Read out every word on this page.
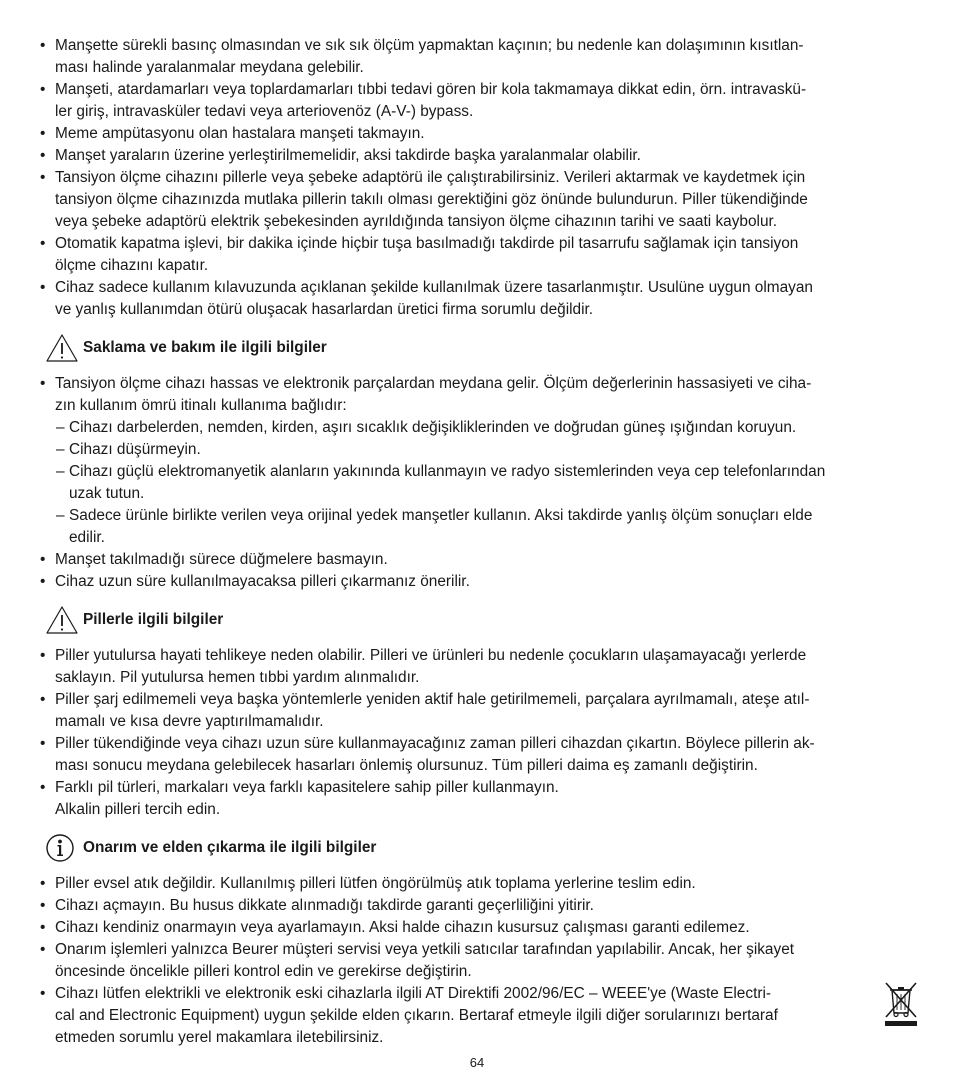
• Manşette sürekli basınç olmasından ve sık sık ölçüm yapmaktan kaçının; bu nedenle kan dolaşımının kısıtlan-
ması halinde yaralanmalar meydana gelebilir.
• Manşeti, atardamarları veya toplardamarları tıbbi tedavi gören bir kola takmamaya dikkat edin, örn. intravaskü-
ler giriş, intravasküler tedavi veya arteriovenöz (A-V-) bypass.
• Meme ampütasyonu olan hastalara manşeti takmayın.
• Manşet yaraların üzerine yerleştirilmemelidir, aksi takdirde başka yaralanmalar olabilir.
• Tansiyon ölçme cihazını pillerle veya şebeke adaptörü ile çalıştırabilirsiniz. Verileri aktarmak ve kaydetmek için
tansiyon ölçme cihazınızda mutlaka pillerin takılı olması gerektiğini göz önünde bulundurun. Piller tükendiğinde
veya şebeke adaptörü elektrik şebekesinden ayrıldığında tansiyon ölçme cihazının tarihi ve saati kaybolur.
• Otomatik kapatma işlevi, bir dakika içinde hiçbir tuşa basılmadığı takdirde pil tasarrufu sağlamak için tansiyon
ölçme cihazını kapatır.
• Cihaz sadece kullanım kılavuzunda açıklanan şekilde kullanılmak üzere tasarlanmıştır. Usulüne uygun olmayan
ve yanlış kullanımdan ötürü oluşacak hasarlardan üretici firma sorumlu değildir.
Saklama ve bakım ile ilgili bilgiler
• Tansiyon ölçme cihazı hassas ve elektronik parçalardan meydana gelir. Ölçüm değerlerinin hassasiyeti ve ciha-
zın kullanım ömrü itinalı kullanıma bağlıdır:
– Cihazı darbelerden, nemden, kirden, aşırı sıcaklık değişikliklerinden ve doğrudan güneş ışığından koruyun.
– Cihazı düşürmeyin.
– Cihazı güçlü elektromanyetik alanların yakınında kullanmayın ve radyo sistemlerinden veya cep telefonlarından
uzak tutun.
– Sadece ürünle birlikte verilen veya orijinal yedek manşetler kullanın. Aksi takdirde yanlış ölçüm sonuçları elde
edilir.
• Manşet takılmadığı sürece düğmelere basmayın.
• Cihaz uzun süre kullanılmayacaksa pilleri çıkarmanız önerilir.
Pillerle ilgili bilgiler
• Piller yutulursa hayati tehlikeye neden olabilir. Pilleri ve ürünleri bu nedenle çocukların ulaşamayacağı yerlerde
saklayın. Pil yutulursa hemen tıbbi yardım alınmalıdır.
• Piller şarj edilmemeli veya başka yöntemlerle yeniden aktif hale getirilmemeli, parçalara ayrılmamalı, ateşe atıl-
mamalı ve kısa devre yaptırılmamalıdır.
• Piller tükendiğinde veya cihazı uzun süre kullanmayacağınız zaman pilleri cihazdan çıkartın. Böylece pillerin ak-
ması sonucu meydana gelebilecek hasarları önlemiş olursunuz. Tüm pilleri daima eş zamanlı değiştirin.
• Farklı pil türleri, markaları veya farklı kapasitelere sahip piller kullanmayın.
Alkalin pilleri tercih edin.
Onarım ve elden çıkarma ile ilgili bilgiler
• Piller evsel atık değildir. Kullanılmış pilleri lütfen öngörülmüş atık toplama yerlerine teslim edin.
• Cihazı açmayın. Bu husus dikkate alınmadığı takdirde garanti geçerliliğini yitirir.
• Cihazı kendiniz onarmayın veya ayarlamayın. Aksi halde cihazın kusursuz çalışması garanti edilemez.
• Onarım işlemleri yalnızca Beurer müşteri servisi veya yetkili satıcılar tarafından yapılabilir. Ancak, her şikayet
öncesinde öncelikle pilleri kontrol edin ve gerekirse değiştirin.
• Cihazı lütfen elektrikli ve elektronik eski cihazlarla ilgili AT Direktifi 2002/96/EC – WEEE'ye (Waste Electri-
cal and Electronic Equipment) uygun şekilde elden çıkarın. Bertaraf etmeyle ilgili diğer sorularınızı bertaraf
etmeden sorumlu yerel makamlara iletebilirsiniz.
64
